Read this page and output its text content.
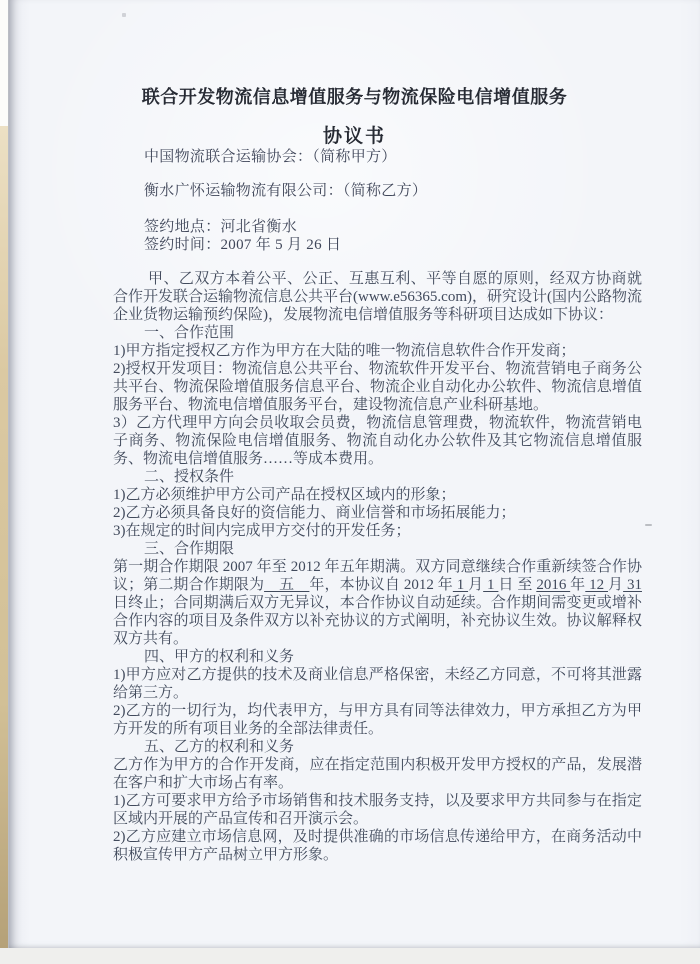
联合开发物流信息增值服务与物流保险电信增值服务
协议书
中国物流联合运输协会：（简称甲方）
衡水广怀运输物流有限公司：（简称乙方）
签约地点：河北省衡水
签约时间：2007 年 5 月 26 日
甲、乙双方本着公平、公正、互惠互利、平等自愿的原则，经双方协商就合作开发联合运输物流信息公共平台(www.e56365.com)，研究设计(国内公路物流企业货物运输预约保险)，发展物流电信增值服务等科研项目达成如下协议：
一、合作范围
1)甲方指定授权乙方作为甲方在大陆的唯一物流信息软件合作开发商；
2)授权开发项目：物流信息公共平台、物流软件开发平台、物流营销电子商务公共平台、物流保险增值服务信息平台、物流企业自动化办公软件、物流信息增值服务平台、物流电信增值服务平台，建设物流信息产业科研基地。
3）乙方代理甲方向会员收取会员费，物流信息管理费，物流软件，物流营销电子商务、物流保险电信增值服务、物流自动化办公软件及其它物流信息增值服务、物流电信增值服务……等成本费用。
二、授权条件
1)乙方必须维护甲方公司产品在授权区域内的形象；
2)乙方必须具备良好的资信能力、商业信誉和市场拓展能力；
3)在规定的时间内完成甲方交付的开发任务；
三、合作期限
第一期合作期限 2007 年至 2012 年五年期满。双方同意继续合作重新续签合作协议；第二期合作期限为　五　年，本协议自 2012 年 1 月 1 日 至 2016 年 12 月 31 日终止；合同期满后双方无异议，本合作协议自动延续。合作期间需变更或增补合作内容的项目及条件双方以补充协议的方式阐明，补充协议生效。协议解释权双方共有。
四、甲方的权利和义务
1)甲方应对乙方提供的技术及商业信息严格保密，未经乙方同意，不可将其泄露给第三方。
2)乙方的一切行为，均代表甲方，与甲方具有同等法律效力，甲方承担乙方为甲方开发的所有项目业务的全部法律责任。
五、乙方的权利和义务
乙方作为甲方的合作开发商，应在指定范围内积极开发甲方授权的产品，发展潜在客户和扩大市场占有率。
1)乙方可要求甲方给予市场销售和技术服务支持，以及要求甲方共同参与在指定区域内开展的产品宣传和召开演示会。
2)乙方应建立市场信息网，及时提供准确的市场信息传递给甲方，在商务活动中积极宣传甲方产品树立甲方形象。
